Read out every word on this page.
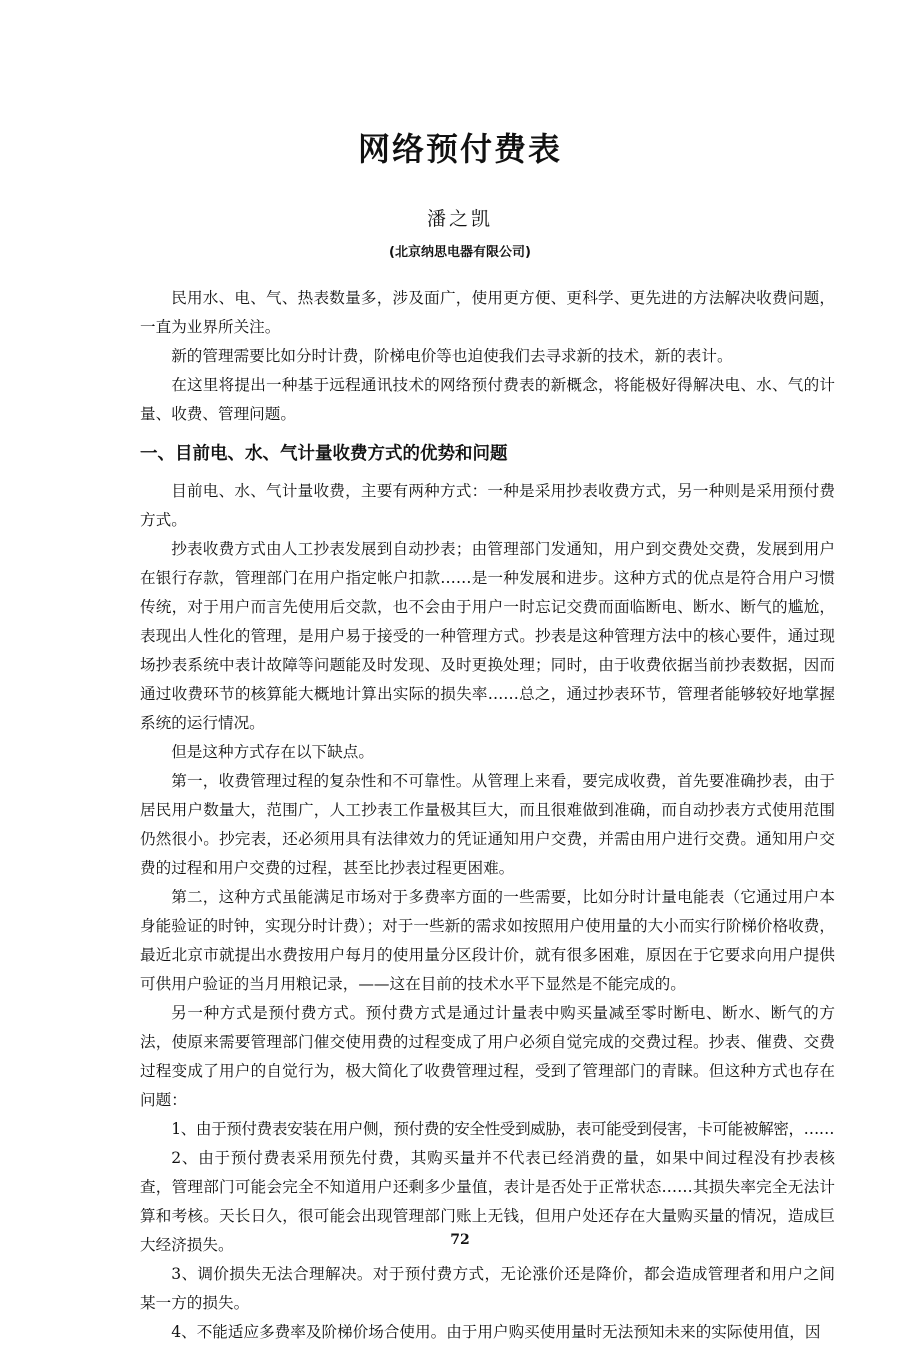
网络预付费表
潘之凯
(北京纳思电器有限公司)

民用水、电、气、热表数量多，涉及面广，使用更方便、更科学、更先进的方法解决收费问题，一直为业界所关注。

新的管理需要比如分时计费，阶梯电价等也迫使我们去寻求新的技术，新的表计。

在这里将提出一种基于远程通讯技术的网络预付费表的新概念，将能极好得解决电、水、气的计量、收费、管理问题。

一、目前电、水、气计量收费方式的优势和问题

目前电、水、气计量收费，主要有两种方式：一种是采用抄表收费方式，另一种则是采用预付费方式。

抄表收费方式由人工抄表发展到自动抄表；由管理部门发通知，用户到交费处交费，发展到用户在银行存款，管理部门在用户指定帐户扣款……是一种发展和进步。这种方式的优点是符合用户习惯传统，对于用户而言先使用后交款，也不会由于用户一时忘记交费而面临断电、断水、断气的尴尬，表现出人性化的管理，是用户易于接受的一种管理方式。抄表是这种管理方法中的核心要件，通过现场抄表系统中表计故障等问题能及时发现、及时更换处理；同时，由于收费依据当前抄表数据，因而通过收费环节的核算能大概地计算出实际的损失率……总之，通过抄表环节，管理者能够较好地掌握系统的运行情况。

但是这种方式存在以下缺点。

第一，收费管理过程的复杂性和不可靠性。从管理上来看，要完成收费，首先要准确抄表，由于居民用户数量大，范围广，人工抄表工作量极其巨大，而且很难做到准确，而自动抄表方式使用范围仍然很小。抄完表，还必须用具有法律效力的凭证通知用户交费，并需由用户进行交费。通知用户交费的过程和用户交费的过程，甚至比抄表过程更困难。

第二，这种方式虽能满足市场对于多费率方面的一些需要，比如分时计量电能表（它通过用户本身能验证的时钟，实现分时计费）；对于一些新的需求如按照用户使用量的大小而实行阶梯价格收费，最近北京市就提出水费按用户每月的使用量分区段计价，就有很多困难，原因在于它要求向用户提供可供用户验证的当月用粮记录，——这在目前的技术水平下显然是不能完成的。

另一种方式是预付费方式。预付费方式是通过计量表中购买量减至零时断电、断水、断气的方法，使原来需要管理部门催交使用费的过程变成了用户必须自觉完成的交费过程。抄表、催费、交费过程变成了用户的自觉行为，极大简化了收费管理过程，受到了管理部门的青睐。但这种方式也存在问题：

1、由于预付费表安装在用户侧，预付费的安全性受到威胁，表可能受到侵害，卡可能被解密，……

2、由于预付费表采用预先付费，其购买量并不代表已经消费的量，如果中间过程没有抄表核查，管理部门可能会完全不知道用户还剩多少量值，表计是否处于正常状态……其损失率完全无法计算和考核。天长日久，很可能会出现管理部门账上无钱，但用户处还存在大量购买量的情况，造成巨大经济损失。

3、调价损失无法合理解决。对于预付费方式，无论涨价还是降价，都会造成管理者和用户之间某一方的损失。

4、不能适应多费率及阶梯价场合使用。由于用户购买使用量时无法预知未来的实际使用值，因

72
